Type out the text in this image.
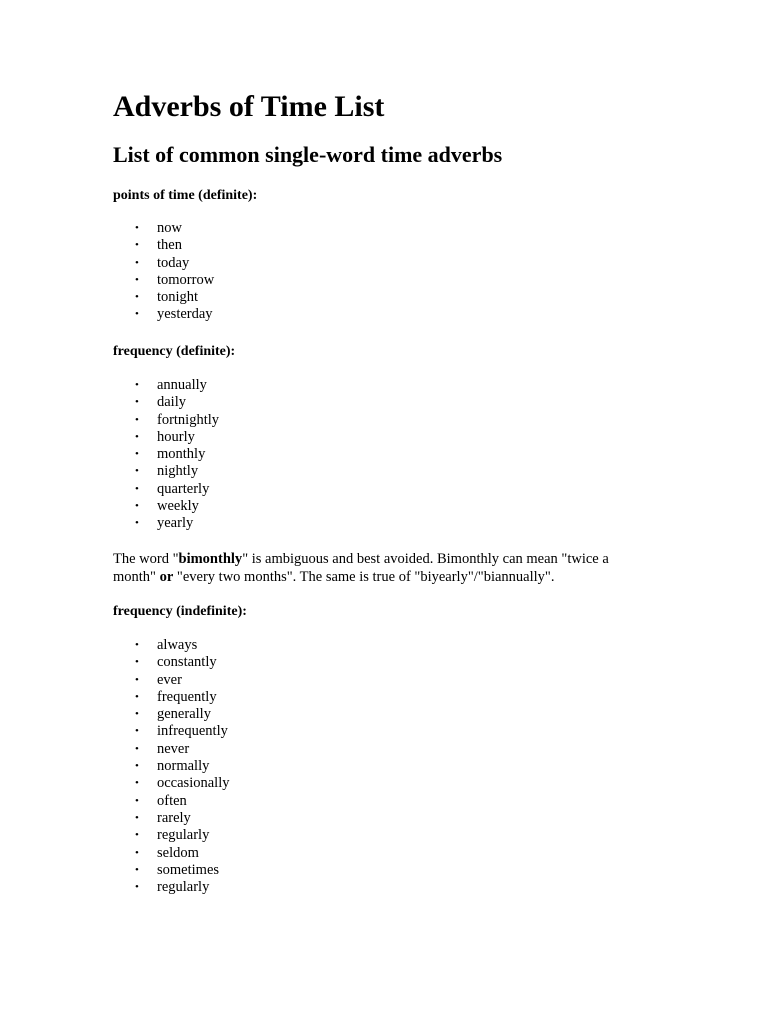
Adverbs of Time List
List of common single-word time adverbs

points of time (definite):

• now
• then
• today
• tomorrow
• tonight
• yesterday

frequency (definite):

• annually
• daily
• fortnightly
• hourly
• monthly
• nightly
• quarterly
• weekly
• yearly

The word "bimonthly" is ambiguous and best avoided. Bimonthly can mean "twice a month" or "every two months". The same is true of "biyearly"/"biannually".

frequency (indefinite):

• always
• constantly
• ever
• frequently
• generally
• infrequently
• never
• normally
• occasionally
• often
• rarely
• regularly
• seldom
• sometimes
• regularly
